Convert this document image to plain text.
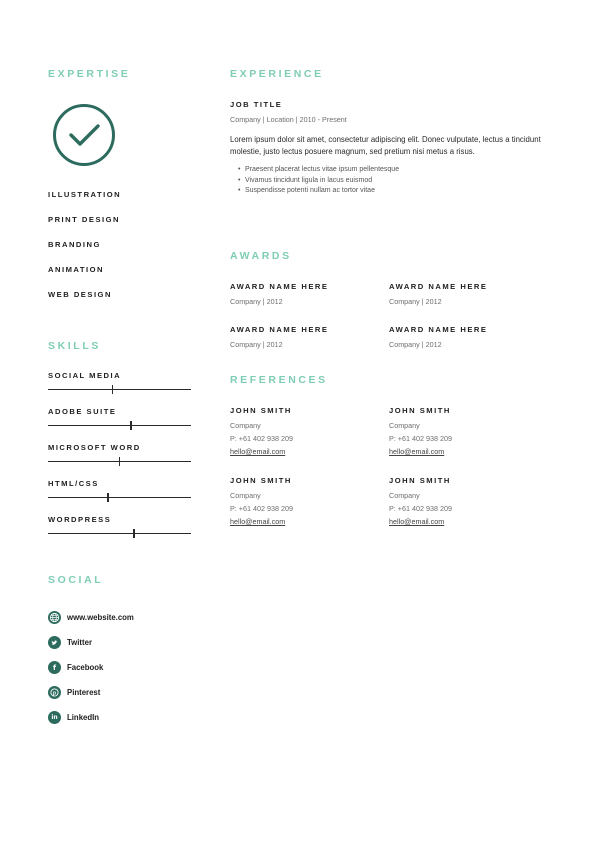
EXPERTISE
ILLUSTRATION
PRINT DESIGN
BRANDING
ANIMATION
WEB DESIGN
SKILLS
SOCIAL MEDIA
ADOBE SUITE
MICROSOFT WORD
HTML/CSS
WORDPRESS
SOCIAL
www.website.com
Twitter
f	Facebook
p Pinterest
in	LinkedIn
EXPERIENCE
JOB TITLE
Company | Location | 2010 - Present

Lorem ipsum dolor sit amet, consectetur adipiscing elit. Donec vulputate, lectus a tincidunt molestie, justo lectus posuere magnum, sed pretium nisi metus a risus.

• Praesent placerat lectus vitae ipsum pellentesque
• Vivamus tincidunt ligula in lacus euismod
• Suspendisse potenti nullam ac tortor vitae
AWARDS
AWARD NAME HERE
Company | 2012
AWARD NAME HERE
Company | 2012
AWARD NAME HERE
Company | 2012
AWARD NAME HERE
Company | 2012
REFERENCES
JOHN SMITH
Company
P: +61 402 938 209
hello@email.com
JOHN SMITH
Company
P: +61 402 938 209
hello@email.com
JOHN SMITH
Company
P: +61 402 938 209
hello@email.com
JOHN SMITH
Company
P: +61 402 938 209
hello@email.com
